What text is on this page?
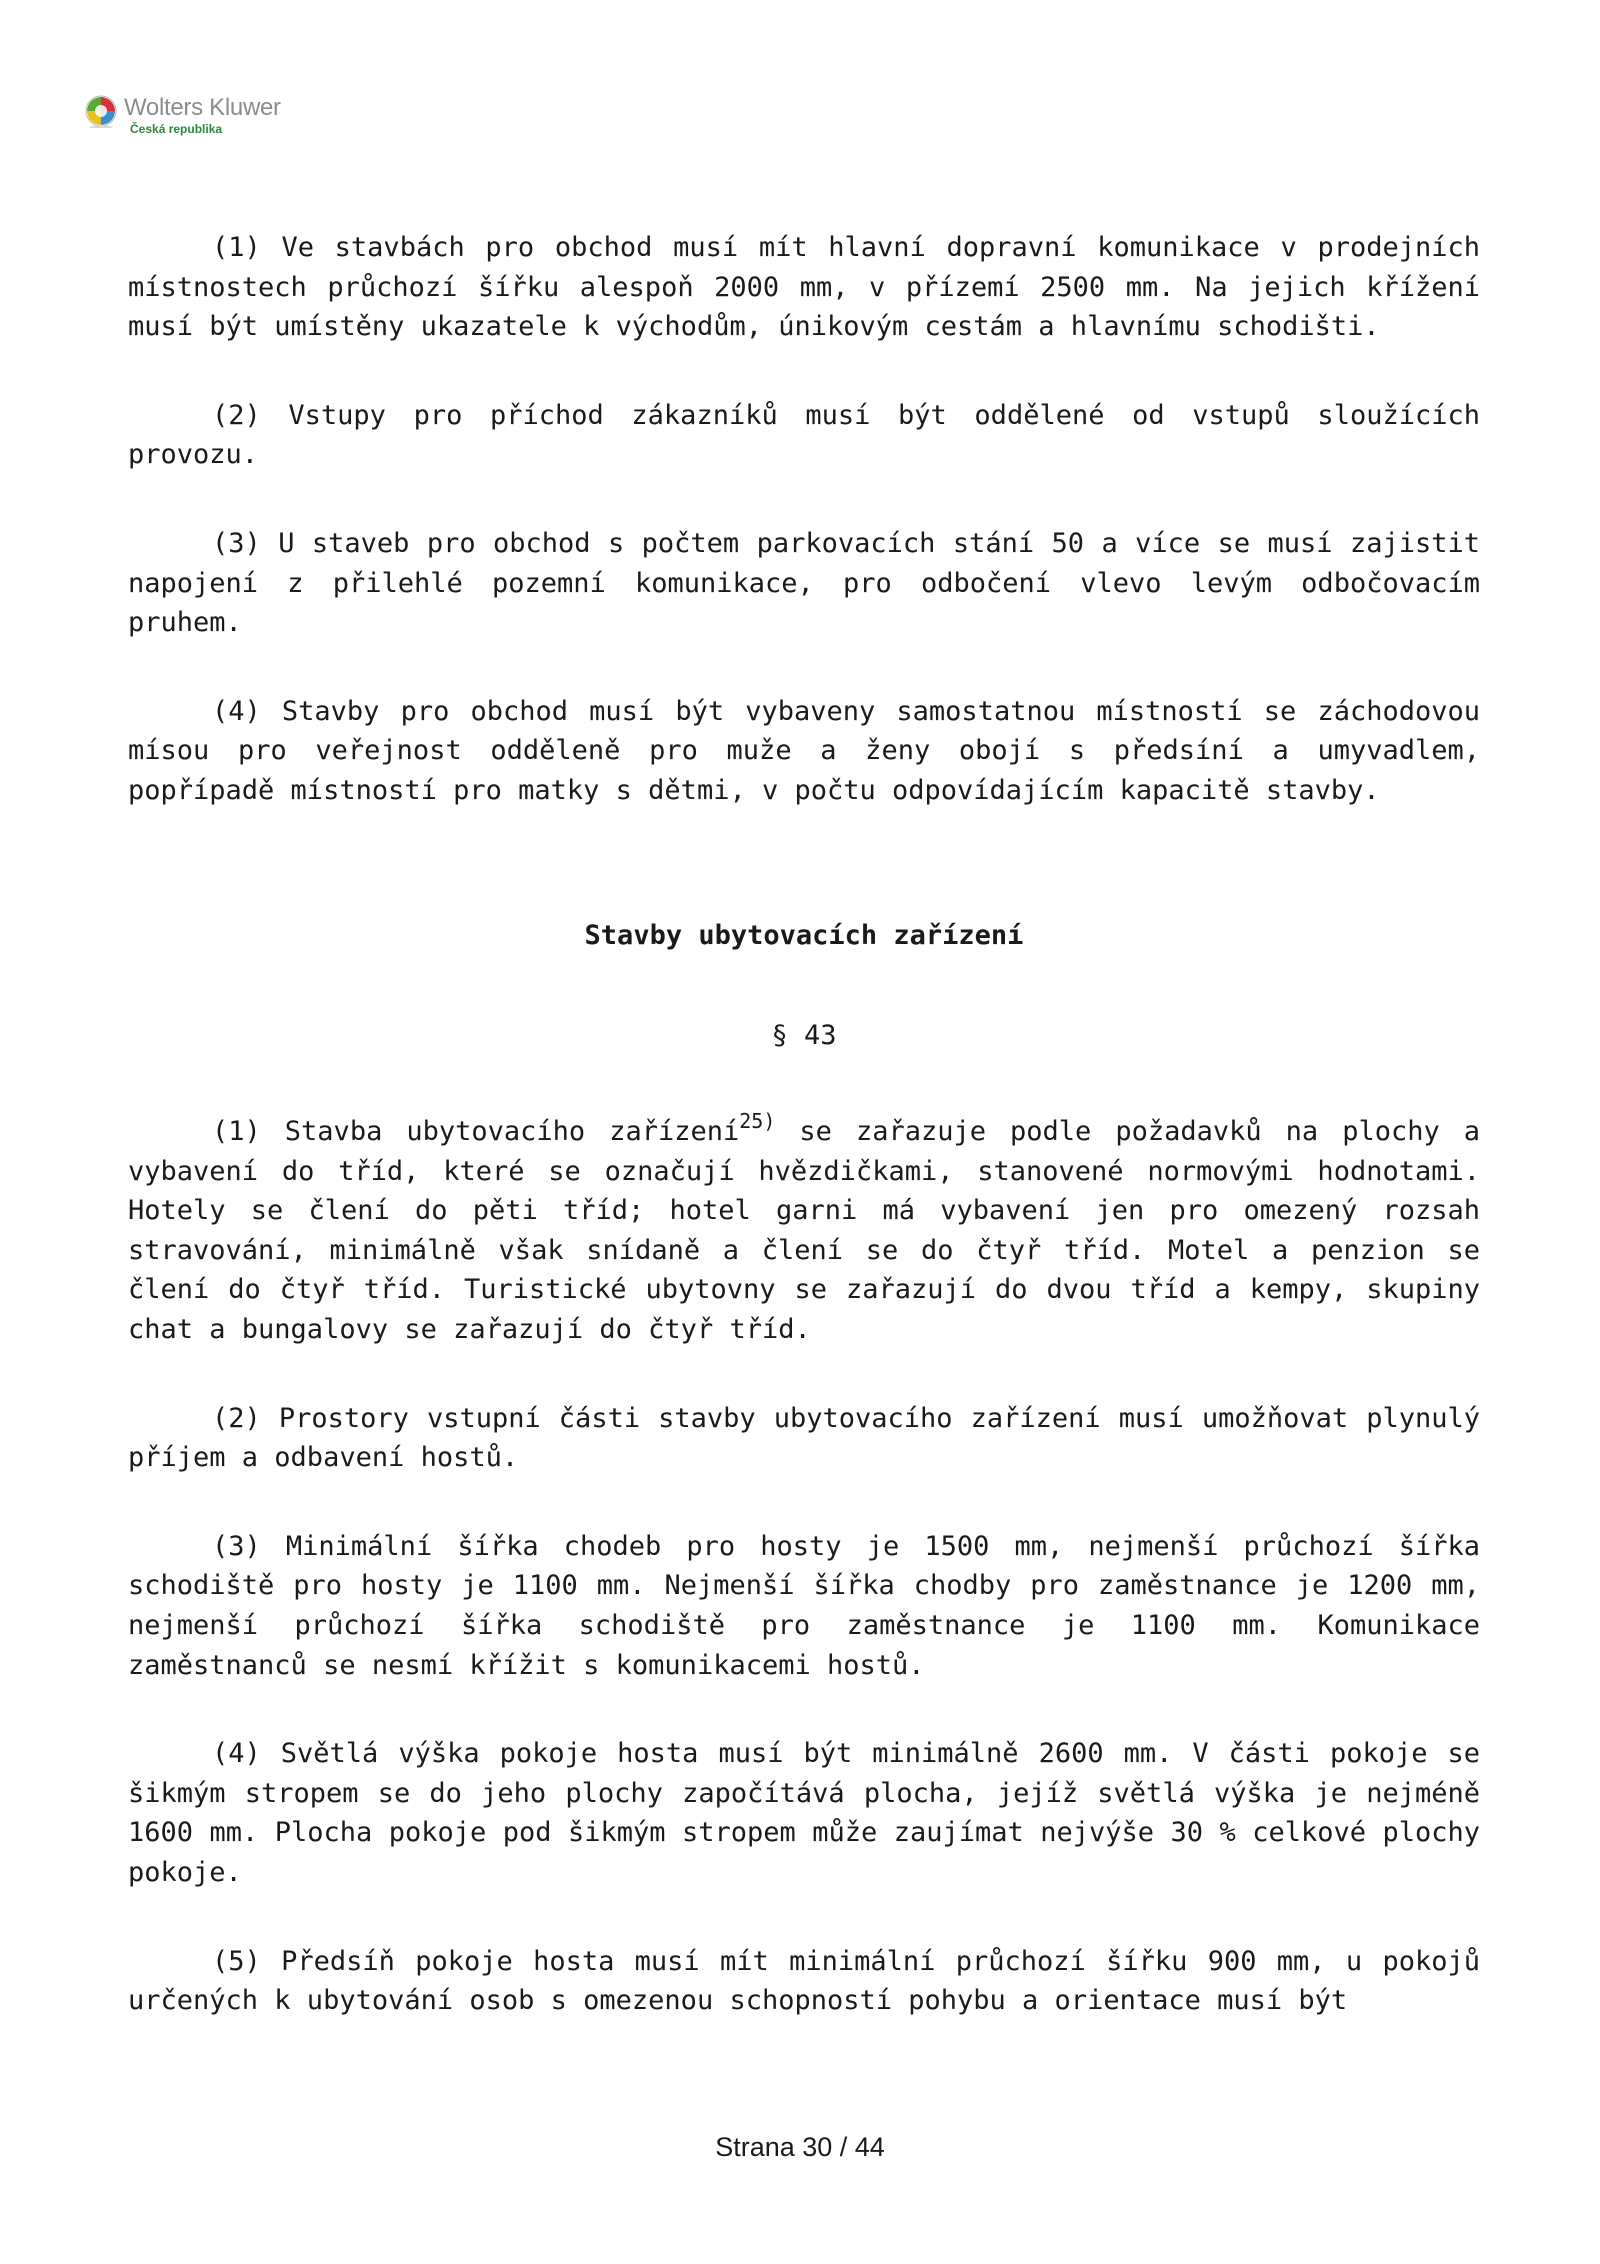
Wolters Kluwer
Česká republika

(1) Ve stavbách pro obchod musí mít hlavní dopravní komunikace v prodejních místnostech průchozí šířku alespoň 2000 mm, v přízemí 2500 mm. Na jejich křížení musí být umístěny ukazatele k východům, únikovým cestám a hlavnímu schodišti.

(2) Vstupy pro příchod zákazníků musí být oddělené od vstupů sloužících provozu.

(3) U staveb pro obchod s počtem parkovacích stání 50 a více se musí zajistit napojení z přilehlé pozemní komunikace, pro odbočení vlevo levým odbočovacím pruhem.

(4) Stavby pro obchod musí být vybaveny samostatnou místností se záchodovou mísou pro veřejnost odděleně pro muže a ženy obojí s předsíní a umyvadlem, popřípadě místností pro matky s dětmi, v počtu odpovídajícím kapacitě stavby.

Stavby ubytovacích zařízení
§ 43

(1) Stavba ubytovacího zařízení$^{25)}$ se zařazuje podle požadavků na plochy a vybavení do tříd, které se označují hvězdičkami, stanovené normovými hodnotami. Hotely se člení do pěti tříd; hotel garni má vybavení jen pro omezený rozsah stravování, minimálně však snídaně a člení se do čtyř tříd. Motel a penzion se člení do čtyř tříd. Turistické ubytovny se zařazují do dvou tříd a kempy, skupiny chat a bungalovy se zařazují do čtyř tříd.

(2) Prostory vstupní části stavby ubytovacího zařízení musí umožňovat plynulý příjem a odbavení hostů.

(3) Minimální šířka chodeb pro hosty je 1500 mm, nejmenší průchozí šířka schodiště pro hosty je 1100 mm. Nejmenší šířka chodby pro zaměstnance je 1200 mm, nejmenší průchozí šířka schodiště pro zaměstnance je 1100 mm. Komunikace zaměstnanců se nesmí křížit s komunikacemi hostů.

(4) Světlá výška pokoje hosta musí být minimálně 2600 mm. V části pokoje se šikmým stropem se do jeho plochy započítává plocha, jejíž světlá výška je nejméně 1600 mm. Plocha pokoje pod šikmým stropem může zaujímat nejvýše 30 % celkové plochy pokoje.

(5) Předsíň pokoje hosta musí mít minimální průchozí šířku 900 mm, u pokojů určených k ubytování osob s omezenou schopností pohybu a orientace musí být

Strana 30 / 44
